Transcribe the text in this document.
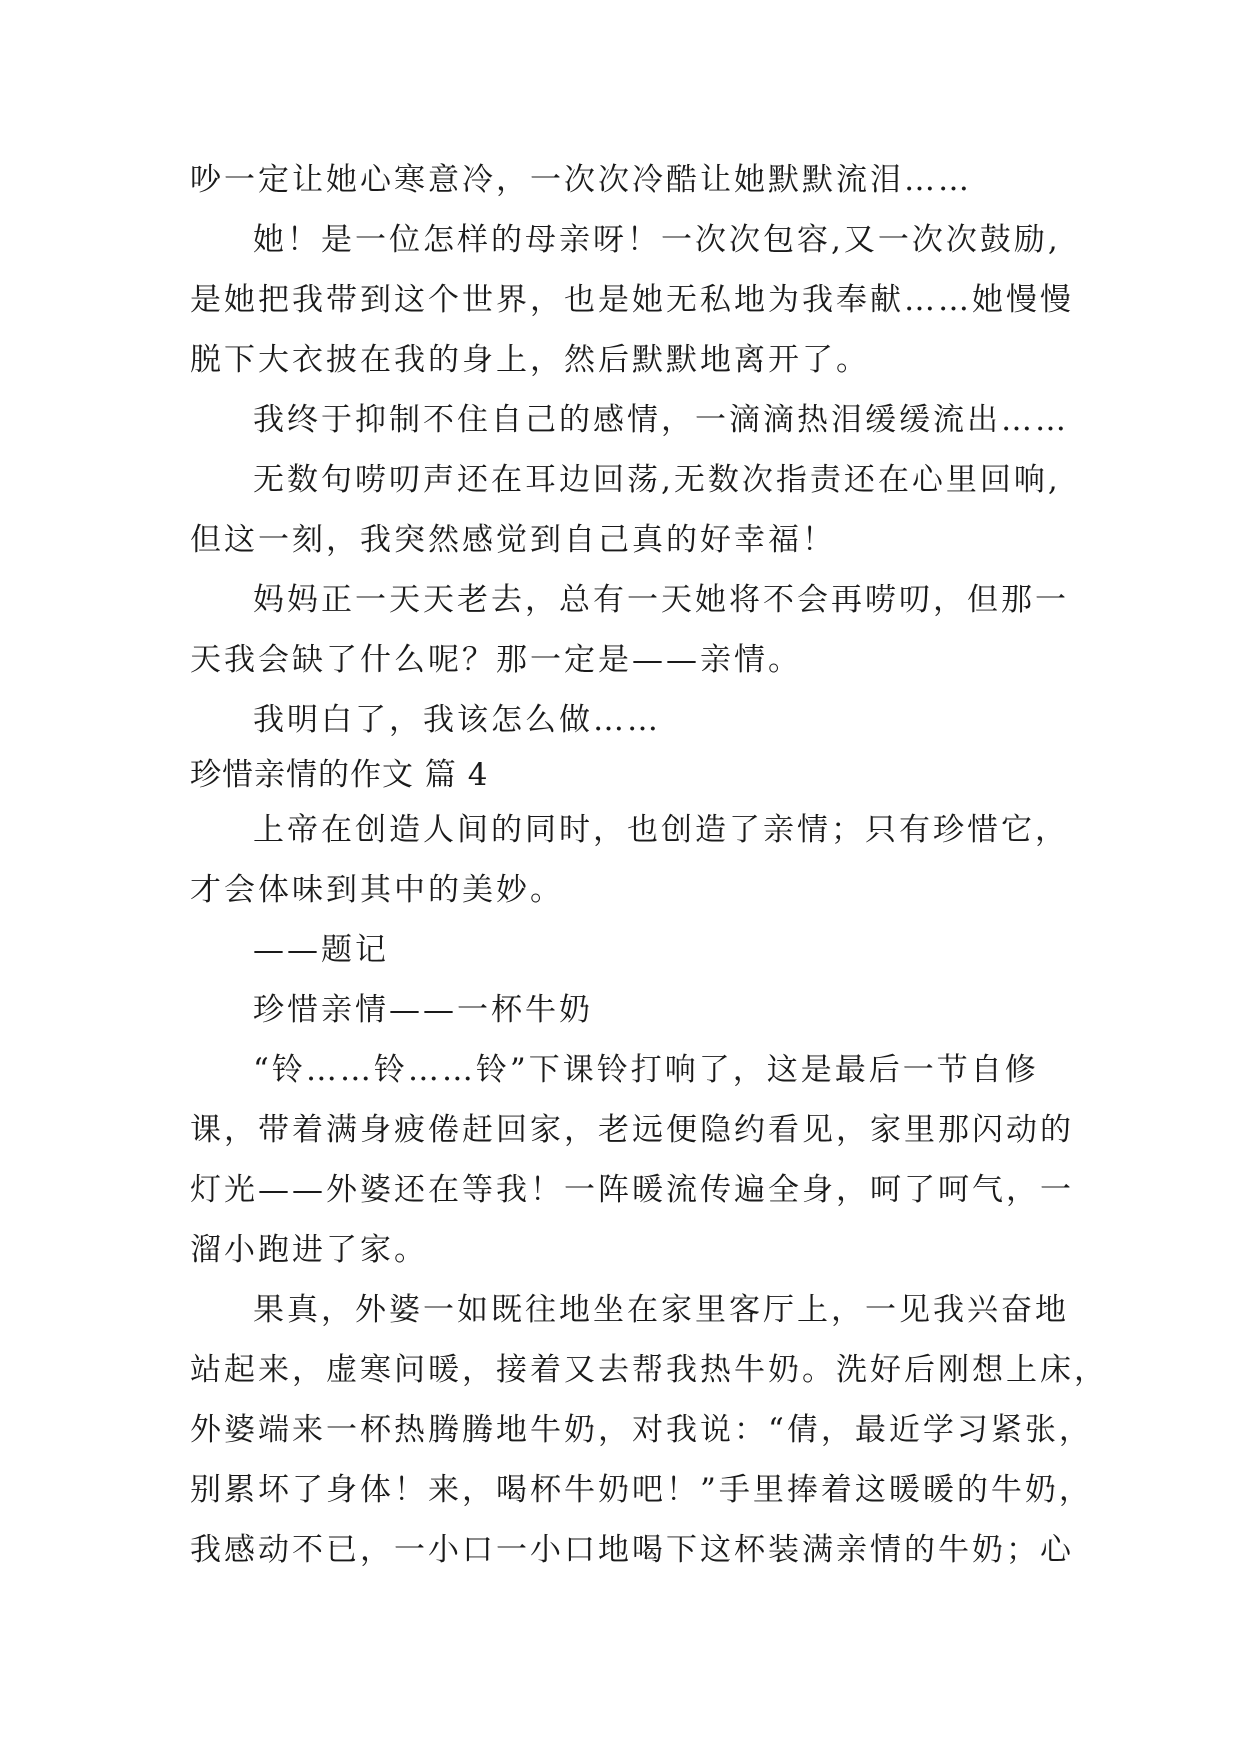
吵一定让她心寒意冷，一次次冷酷让她默默流泪……
她！是一位怎样的母亲呀！一次次包容,又一次次鼓励,
是她把我带到这个世界，也是她无私地为我奉献……她慢慢
脱下大衣披在我的身上，然后默默地离开了。
我终于抑制不住自己的感情，一滴滴热泪缓缓流出……
无数句唠叨声还在耳边回荡,无数次指责还在心里回响,
但这一刻，我突然感觉到自己真的好幸福！
妈妈正一天天老去，总有一天她将不会再唠叨，但那一
天我会缺了什么呢？那一定是——亲情。
我明白了，我该怎么做……
珍惜亲情的作文 篇 4
上帝在创造人间的同时，也创造了亲情；只有珍惜它，
才会体味到其中的美妙。
——题记
珍惜亲情——一杯牛奶
“铃……铃……铃”下课铃打响了，这是最后一节自修
课，带着满身疲倦赶回家，老远便隐约看见，家里那闪动的
灯光——外婆还在等我！一阵暖流传遍全身，呵了呵气，一
溜小跑进了家。
果真，外婆一如既往地坐在家里客厅上，一见我兴奋地
站起来，虚寒问暖，接着又去帮我热牛奶。洗好后刚想上床，
外婆端来一杯热腾腾地牛奶，对我说：“倩，最近学习紧张，
别累坏了身体！来，喝杯牛奶吧！”手里捧着这暖暖的牛奶，
我感动不已，一小口一小口地喝下这杯装满亲情的牛奶；心
